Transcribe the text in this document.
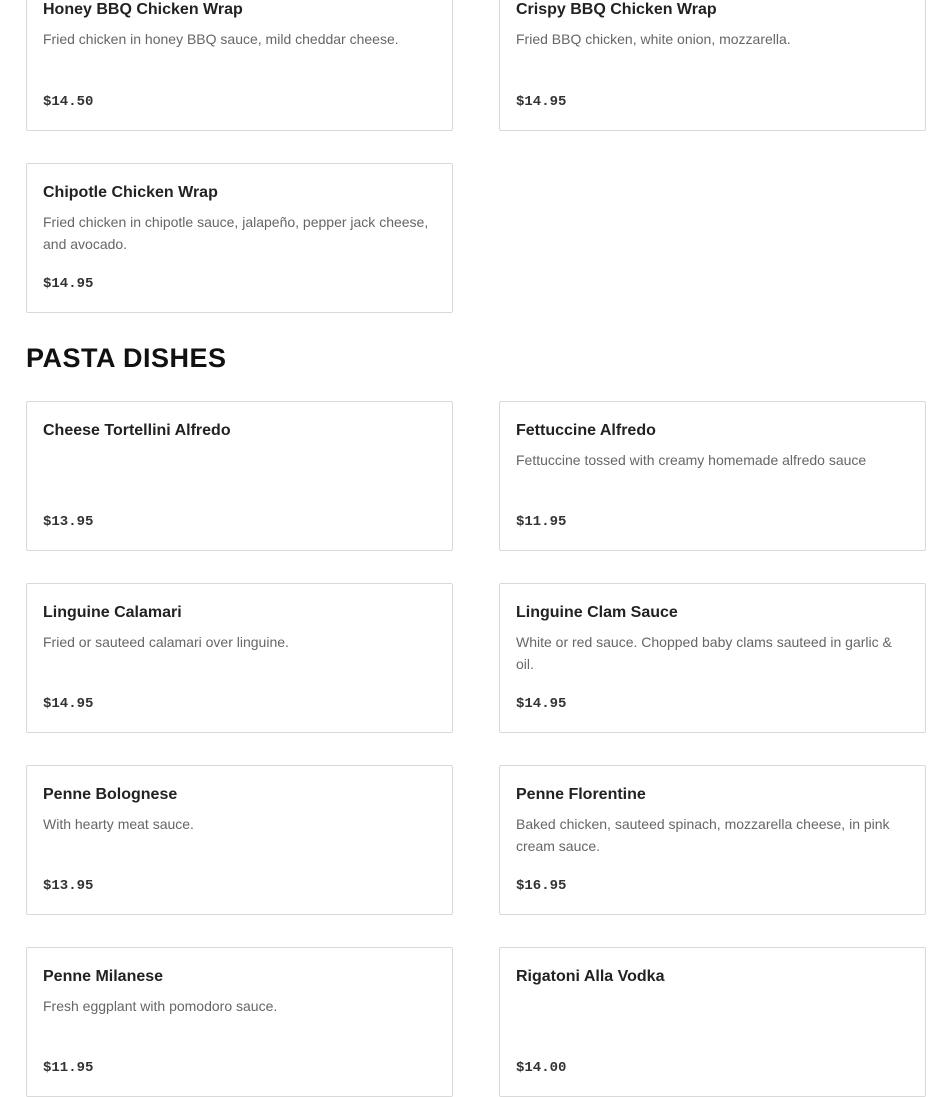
Honey BBQ Chicken Wrap
Fried chicken in honey BBQ sauce, mild cheddar cheese.
$14.50
Crispy BBQ Chicken Wrap
Fried BBQ chicken, white onion, mozzarella.
$14.95
Chipotle Chicken Wrap
Fried chicken in chipotle sauce, jalapeño, pepper jack cheese, and avocado.
$14.95
PASTA DISHES
Cheese Tortellini Alfredo
$13.95
Fettuccine Alfredo
Fettuccine tossed with creamy homemade alfredo sauce
$11.95
Linguine Calamari
Fried or sauteed calamari over linguine.
$14.95
Linguine Clam Sauce
White or red sauce. Chopped baby clams sauteed in garlic & oil.
$14.95
Penne Bolognese
With hearty meat sauce.
$13.95
Penne Florentine
Baked chicken, sauteed spinach, mozzarella cheese, in pink cream sauce.
$16.95
Penne Milanese
Fresh eggplant with pomodoro sauce.
$11.95
Rigatoni Alla Vodka
$14.00
